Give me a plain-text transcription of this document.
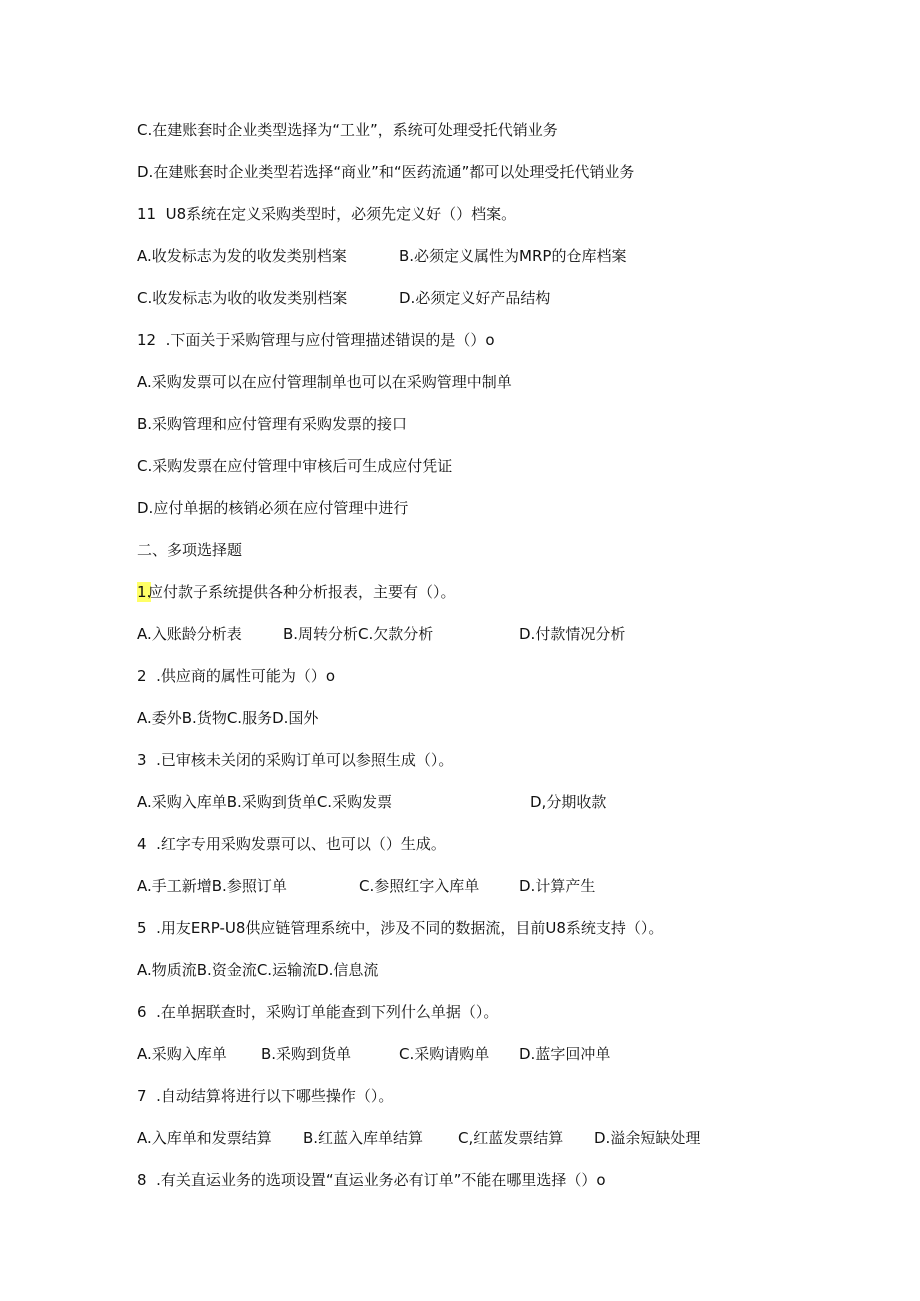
C.在建账套时企业类型选择为“工业”，系统可处理受托代销业务

D.在建账套时企业类型若选择“商业”和“医药流通”都可以处理受托代销业务

11  U8系统在定义采购类型时，必须先定义好（）档案。

A.收发标志为发的收发类别档案

	B.必须定义属性为MRP的仓库档案

C.收发标志为收的收发类别档案

	D.必须定义好产品结构

12  .下面关于采购管理与应付管理描述错误的是（）o

A.采购发票可以在应付管理制单也可以在采购管理中制单

B.采购管理和应付管理有采购发票的接口

C.采购发票在应付管理中审核后可生成应付凭证

D.应付单据的核销必须在应付管理中进行

二、多项选择题

1.

应付款子系统提供各种分析报表，主要有（）。

A.入账龄分析表

	B.周转分析C.欠款分析

	D.付款情况分析

2  .供应商的属性可能为（）o

A.委外B.货物C.服务D.国外

3  .已审核未关闭的采购订单可以参照生成（）。

A.采购入库单B.采购到货单C.采购发票

	D,分期收款

4  .红字专用采购发票可以、也可以（）生成。

A.手工新增B.参照订单

	C.参照红字入库单

	D.计算产生

5  .用友ERP-U8供应链管理系统中，涉及不同的数据流，目前U8系统支持（）。

A.物质流B.资金流C.运输流D.信息流

6  .在单据联查时，采购订单能查到下列什么单据（）。

A.采购入库单

B.采购到货单

	C.采购请购单

D.蓝字回冲单

7  .自动结算将进行以下哪些操作（）。

A.入库单和发票结算

B.红蓝入库单结算

C,红蓝发票结算

D.溢余短缺处理

8  .有关直运业务的选项设置“直运业务必有订单”不能在哪里选择（）o
